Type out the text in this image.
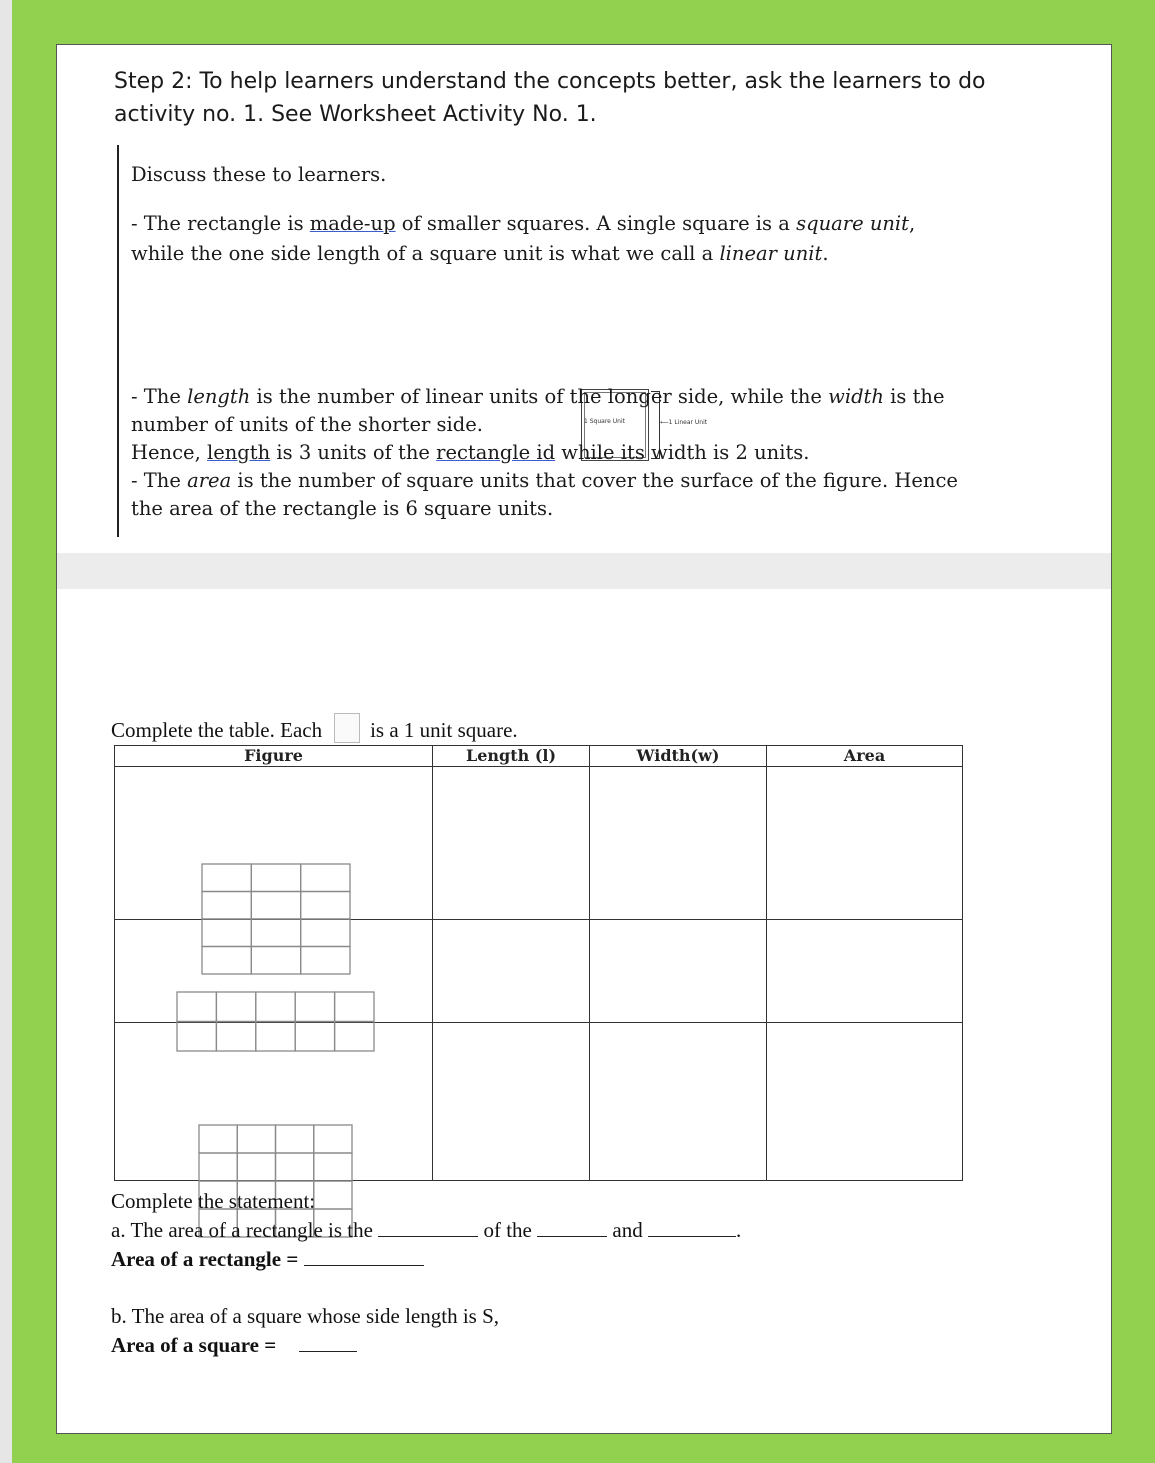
Step 2: To help learners understand the concepts better, ask the learners to do
activity no. 1. See Worksheet Activity No. 1.
Discuss these to learners.
- The rectangle is made-up of smaller squares. A single square is a square unit,
while the one side length of a square unit is what we call a linear unit.
1 Square Unit	⟵1 Linear Unit
- The length is the number of linear units of the longer side, while the width is the
number of units of the shorter side.
Hence, length is 3 units of the rectangle id while its width is 2 units.
- The area is the number of square units that cover the surface of the figure. Hence
the area of the rectangle is 6 square units.
Complete the table. Each is a 1 unit square.
Figure	Length (l)	Width(w)	Area

Complete the statement:
a. The area of a rectangle is the	of the	and	.
Area of a rectangle =
b. The area of a square whose side length is S,
Area of a square =
